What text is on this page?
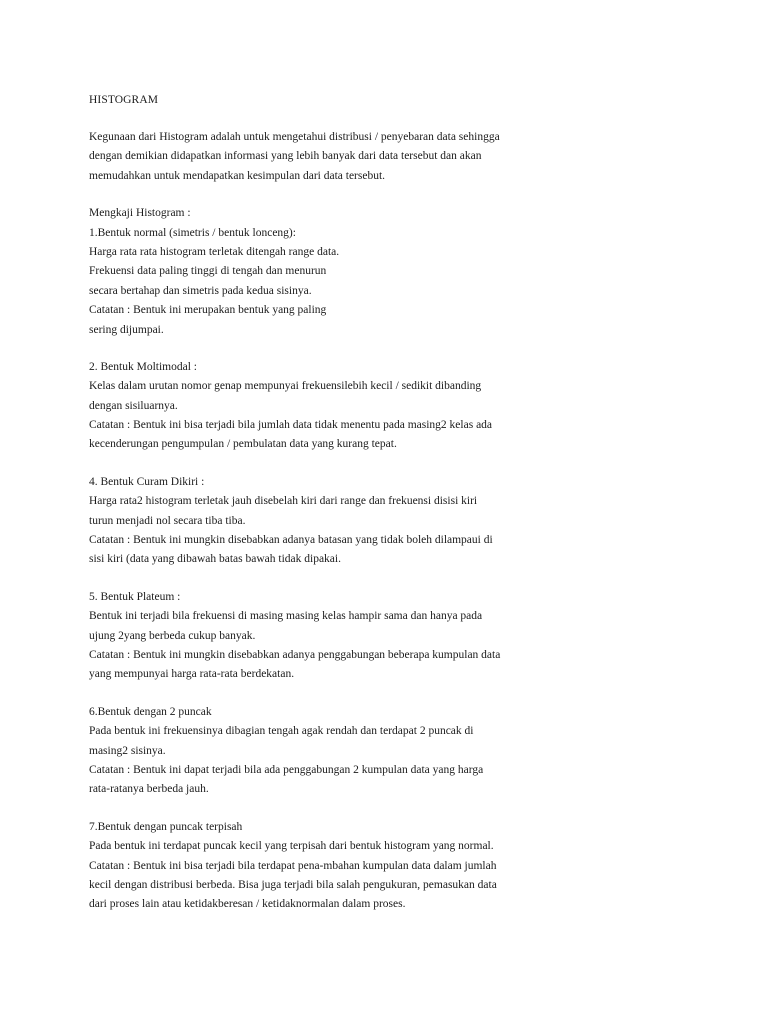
HISTOGRAM
Kegunaan dari Histogram adalah untuk mengetahui distribusi / penyebaran data sehingga
dengan demikian didapatkan informasi yang lebih banyak dari data tersebut dan akan
memudahkan untuk mendapatkan kesimpulan dari data tersebut.
Mengkaji Histogram :
1.Bentuk normal (simetris / bentuk lonceng):
Harga rata rata histogram terletak ditengah range data.
Frekuensi data paling tinggi di tengah dan menurun
secara bertahap dan simetris pada kedua sisinya.
Catatan : Bentuk ini merupakan bentuk yang paling
sering dijumpai.
2. Bentuk Moltimodal :
Kelas dalam urutan nomor genap mempunyai frekuensilebih kecil / sedikit dibanding
dengan sisiluarnya.
Catatan : Bentuk ini bisa terjadi bila jumlah data tidak menentu pada masing2 kelas ada
kecenderungan pengumpulan / pembulatan data yang kurang tepat.
4. Bentuk Curam Dikiri :
Harga rata2 histogram terletak jauh disebelah kiri dari range dan frekuensi disisi kiri
turun menjadi nol secara tiba tiba.
Catatan : Bentuk ini mungkin disebabkan adanya batasan yang tidak boleh dilampaui di
sisi kiri (data yang dibawah batas bawah tidak dipakai.
5. Bentuk Plateum :
Bentuk ini terjadi bila frekuensi di masing masing kelas hampir sama dan hanya pada
ujung 2yang berbeda cukup banyak.
Catatan : Bentuk ini mungkin disebabkan adanya penggabungan beberapa kumpulan data
yang mempunyai harga rata-rata berdekatan.
6.Bentuk dengan 2 puncak
Pada bentuk ini frekuensinya dibagian tengah agak rendah dan terdapat 2 puncak di
masing2 sisinya.
Catatan : Bentuk ini dapat terjadi bila ada penggabungan 2 kumpulan data yang harga
rata-ratanya berbeda jauh.
7.Bentuk dengan puncak terpisah
Pada bentuk ini terdapat puncak kecil yang terpisah dari bentuk histogram yang normal.
Catatan : Bentuk ini bisa terjadi bila terdapat pena-mbahan kumpulan data dalam jumlah
kecil dengan distribusi berbeda. Bisa juga terjadi bila salah pengukuran, pemasukan data
dari proses lain atau ketidakberesan / ketidaknormalan dalam proses.
